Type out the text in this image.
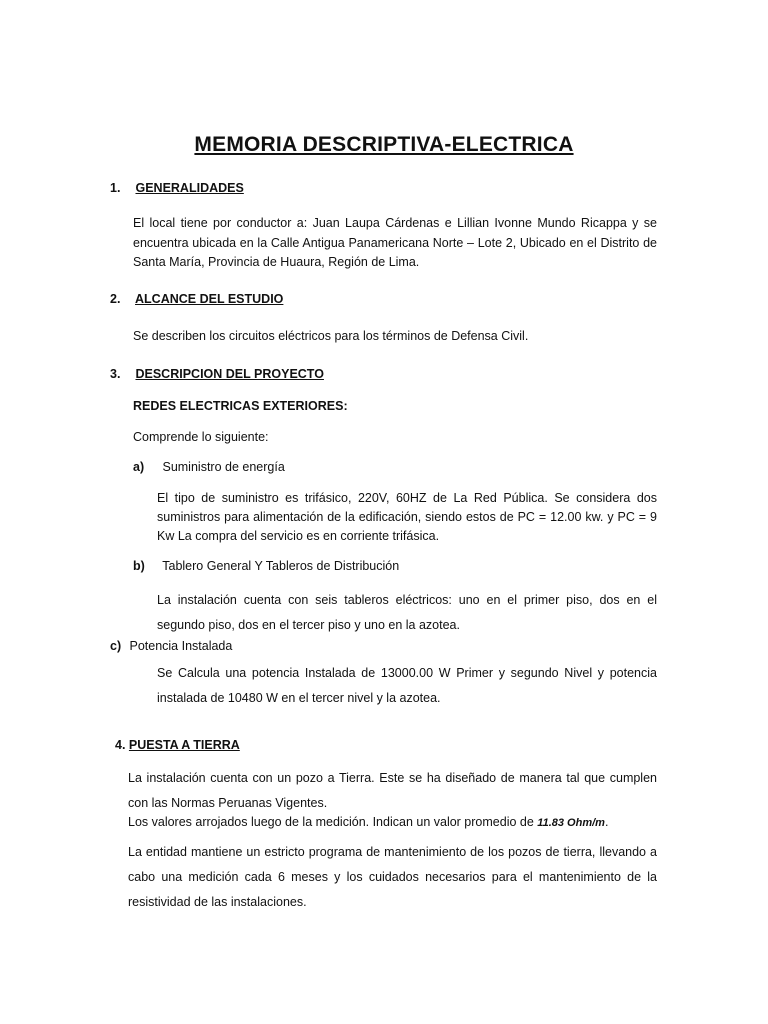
MEMORIA DESCRIPTIVA-ELECTRICA
1. GENERALIDADES
El local tiene por conductor a: Juan Laupa Cárdenas e Lillian Ivonne Mundo Ricappa y se encuentra ubicada en la Calle Antigua Panamericana Norte – Lote 2, Ubicado en el Distrito de Santa María, Provincia de Huaura, Región de Lima.
2. ALCANCE DEL ESTUDIO
Se describen los circuitos eléctricos para los términos de Defensa Civil.
3. DESCRIPCION DEL PROYECTO
REDES ELECTRICAS EXTERIORES:
Comprende lo siguiente:
a) Suministro de energía
El tipo de suministro es trifásico, 220V, 60HZ de La Red Pública. Se considera dos suministros para alimentación de la edificación, siendo estos de PC = 12.00 kw. y PC = 9 Kw La compra del servicio es en corriente trifásica.
b) Tablero General Y Tableros de Distribución
La instalación cuenta con seis tableros eléctricos: uno en el primer piso, dos en el segundo piso, dos en el tercer piso y uno en la azotea.
c) Potencia Instalada
Se Calcula una potencia Instalada de 13000.00 W Primer y segundo Nivel y potencia instalada de 10480 W en el tercer nivel y la azotea.
4. PUESTA A TIERRA
La instalación cuenta con un pozo a Tierra. Este se ha diseñado de manera tal que cumplen con las Normas Peruanas Vigentes.
Los valores arrojados luego de la medición. Indican un valor promedio de 11.83 Ohm/m.
La entidad mantiene un estricto programa de mantenimiento de los pozos de tierra, llevando a cabo una medición cada 6 meses y los cuidados necesarios para el mantenimiento de la resistividad de las instalaciones.
